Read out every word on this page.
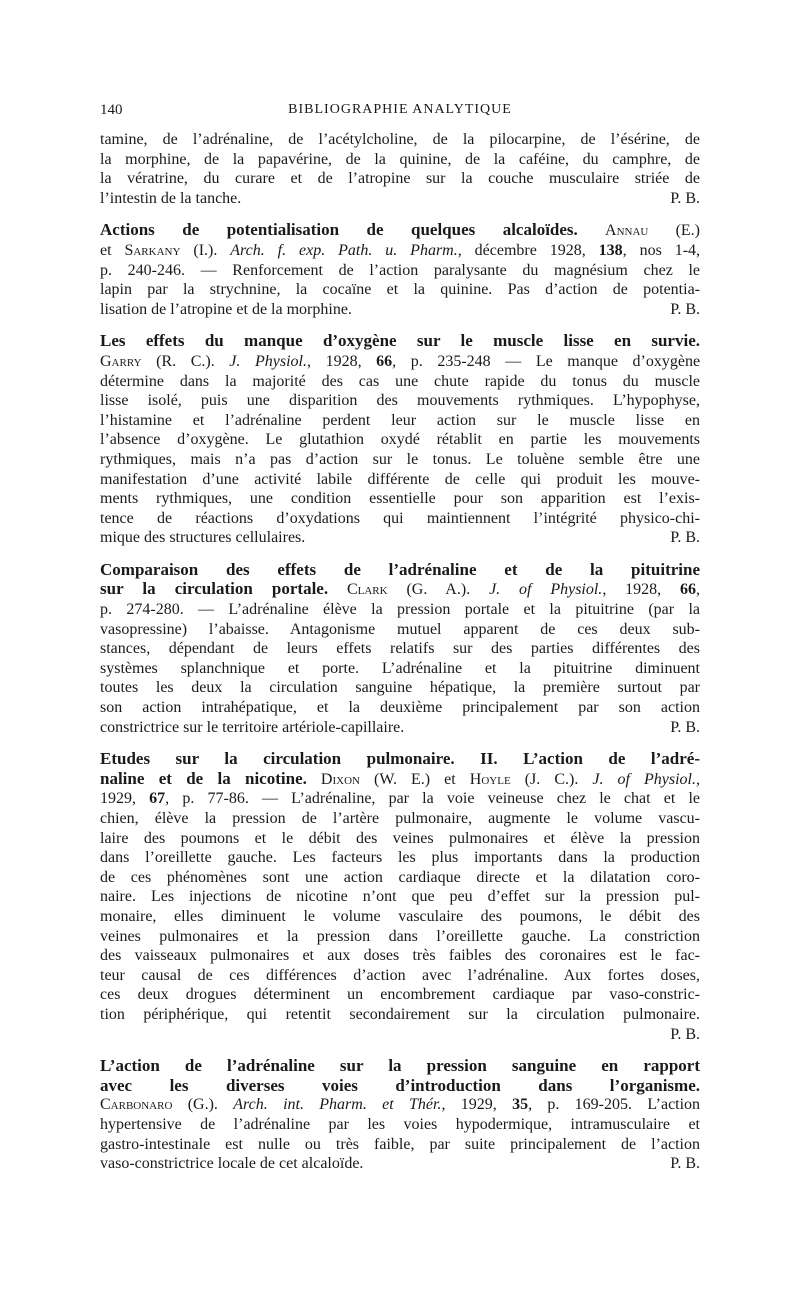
140	BIBLIOGRAPHIE ANALYTIQUE
tamine, de l’adrénaline, de l’acétylcholine, de la pilocarpine, de l’ésérine, de
la morphine, de la papavérine, de la quinine, de la caféine, du camphre, de
la vératrine, du curare et de l’atropine sur la couche musculaire striée de
l’intestin de la tanche.	P. B.
Actions de potentialisation de quelques alcaloïdes. Annau (E.)
et Sarkany (I.). Arch. f. exp. Path. u. Pharm., décembre 1928, 138, nos 1-4,
p. 240-246. — Renforcement de l’action paralysante du magnésium chez le
lapin par la strychnine, la cocaïne et la quinine. Pas d’action de potentia-
lisation de l’atropine et de la morphine.	P. B.
Les effets du manque d’oxygène sur le muscle lisse en survie.
Garry (R. C.). J. Physiol., 1928, 66, p. 235-248 — Le manque d’oxygène
détermine dans la majorité des cas une chute rapide du tonus du muscle
lisse isolé, puis une disparition des mouvements rythmiques. L’hypophyse,
l’histamine et l’adrénaline perdent leur action sur le muscle lisse en
l’absence d’oxygène. Le glutathion oxydé rétablit en partie les mouvements
rythmiques, mais n’a pas d’action sur le tonus. Le toluène semble être une
manifestation d’une activité labile différente de celle qui produit les mouve-
ments rythmiques, une condition essentielle pour son apparition est l’exis-
tence de réactions d’oxydations qui maintiennent l’intégrité physico-chi-
mique des structures cellulaires.	P. B.
Comparaison des effets de l’adrénaline et de la pituitrine
sur la circulation portale. Clark (G. A.). J. of Physiol., 1928, 66,
p. 274-280. — L’adrénaline élève la pression portale et la pituitrine (par la
vasopressine) l’abaisse. Antagonisme mutuel apparent de ces deux sub-
stances, dépendant de leurs effets relatifs sur des parties différentes des
systèmes splanchnique et porte. L’adrénaline et la pituitrine diminuent
toutes les deux la circulation sanguine hépatique, la première surtout par
son action intrahépatique, et la deuxième principalement par son action
constrictrice sur le territoire artériole-capillaire.	P. B.
Etudes sur la circulation pulmonaire. II. L’action de l’adré-
naline et de la nicotine. Dixon (W. E.) et Hoyle (J. C.). J. of Physiol.,
1929, 67, p. 77-86. — L’adrénaline, par la voie veineuse chez le chat et le
chien, élève la pression de l’artère pulmonaire, augmente le volume vascu-
laire des poumons et le débit des veines pulmonaires et élève la pression
dans l’oreillette gauche. Les facteurs les plus importants dans la production
de ces phénomènes sont une action cardiaque directe et la dilatation coro-
naire. Les injections de nicotine n’ont que peu d’effet sur la pression pul-
monaire, elles diminuent le volume vasculaire des poumons, le débit des
veines pulmonaires et la pression dans l’oreillette gauche. La constriction
des vaisseaux pulmonaires et aux doses très faibles des coronaires est le fac-
teur causal de ces différences d’action avec l’adrénaline. Aux fortes doses,
ces deux drogues déterminent un encombrement cardiaque par vaso-constric-
tion périphérique, qui retentit secondairement sur la circulation pulmonaire.
P. B.
L’action de l’adrénaline sur la pression sanguine en rapport
avec les diverses voies d’introduction dans l’organisme.
Carbonaro (G.). Arch. int. Pharm. et Thér., 1929, 35, p. 169-205. L’action
hypertensive de l’adrénaline par les voies hypodermique, intramusculaire et
gastro-intestinale est nulle ou très faible, par suite principalement de l’action
vaso-constrictrice locale de cet alcaloïde.	P. B.
